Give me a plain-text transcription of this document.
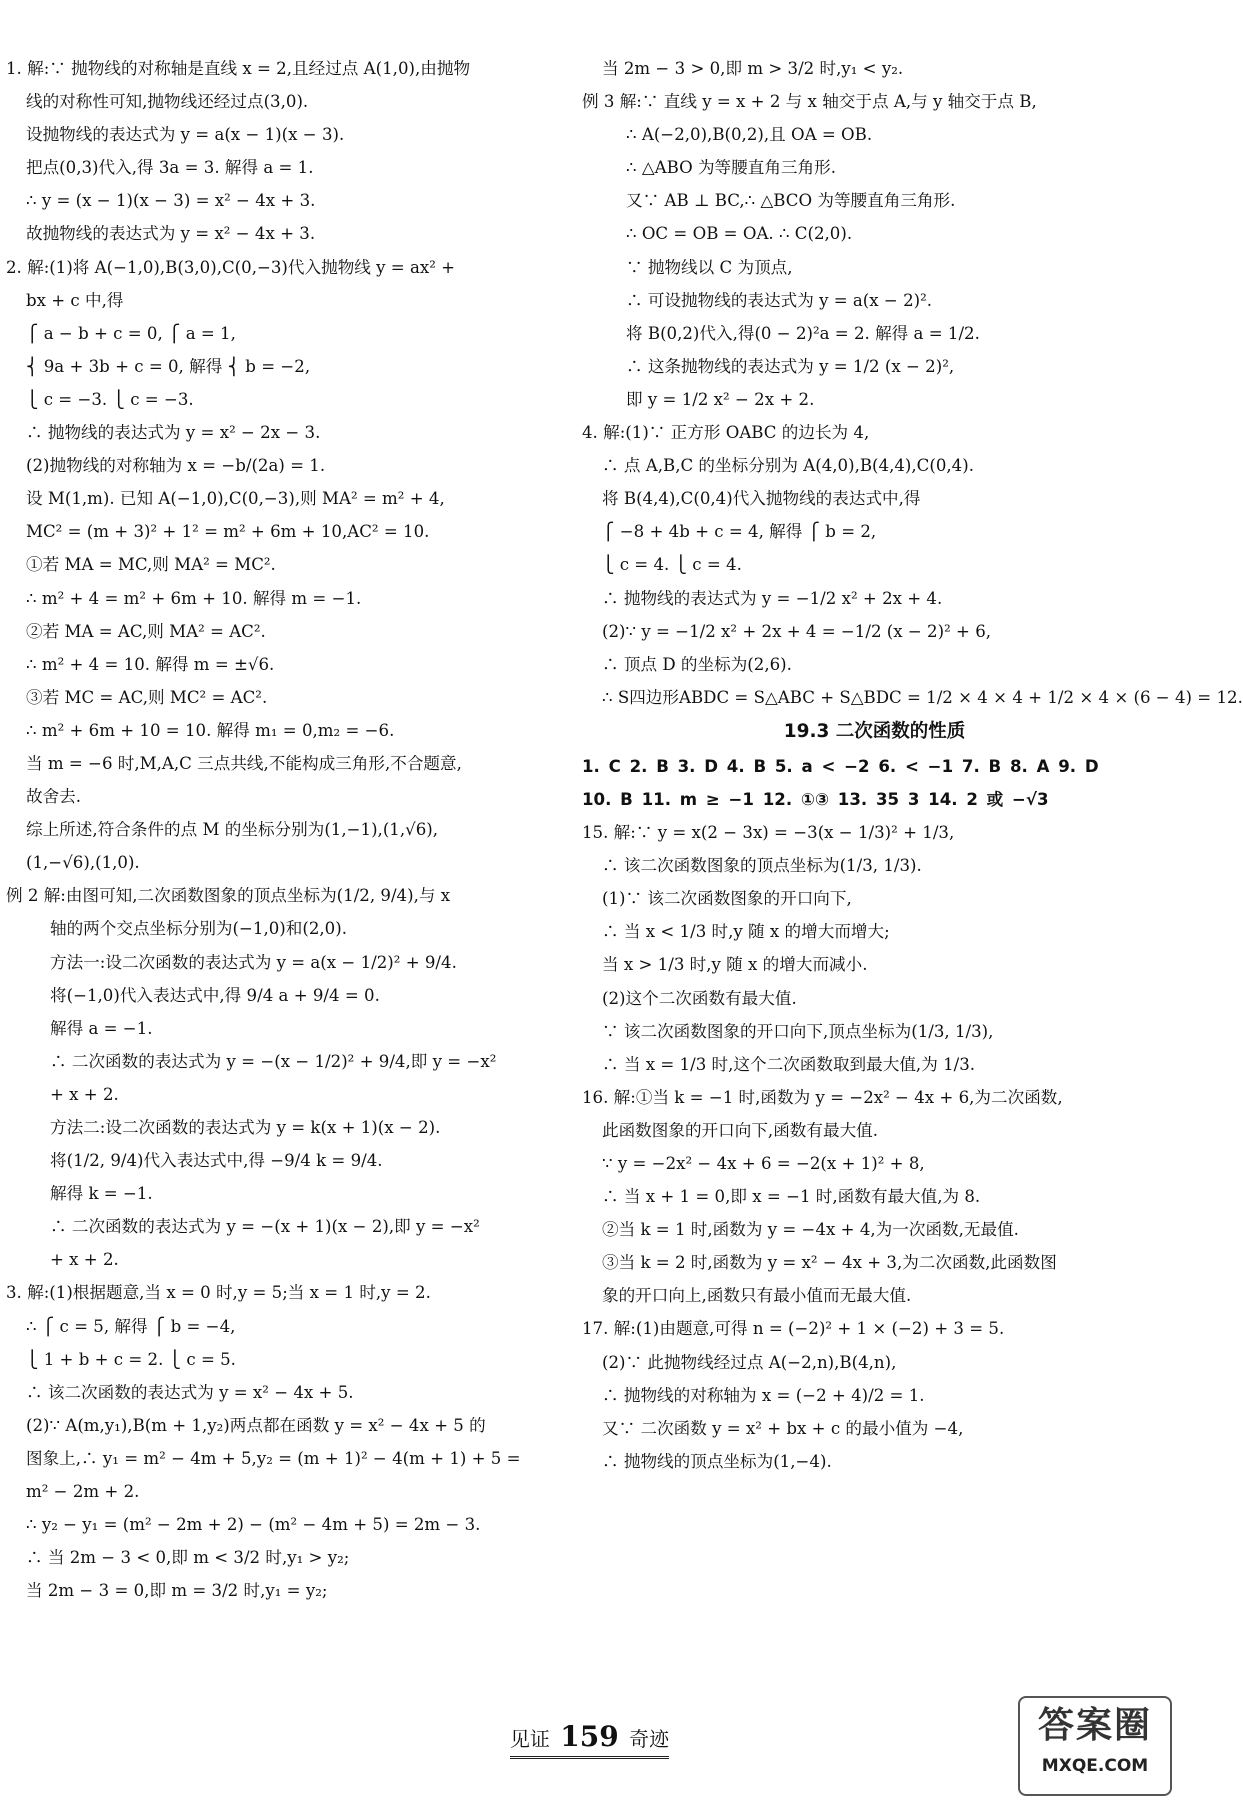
1. 解:∵ 抛物线的对称轴是直线 x = 2,且经过点 A(1,0),由抛物
线的对称性可知,抛物线还经过点(3,0).
设抛物线的表达式为 y = a(x − 1)(x − 3).
把点(0,3)代入,得 3a = 3. 解得 a = 1.
∴ y = (x − 1)(x − 3) = x² − 4x + 3.
故抛物线的表达式为 y = x² − 4x + 3.
2. 解:(1)将 A(−1,0),B(3,0),C(0,−3)代入抛物线 y = ax² +
bx + c 中,得
⎧ a − b + c = 0, ⎧ a = 1,
⎨ 9a + 3b + c = 0, 解得 ⎨ b = −2,
⎩ c = −3. ⎩ c = −3.
∴ 抛物线的表达式为 y = x² − 2x − 3.
(2)抛物线的对称轴为 x = −b/(2a) = 1.
设 M(1,m). 已知 A(−1,0),C(0,−3),则 MA² = m² + 4,
MC² = (m + 3)² + 1² = m² + 6m + 10,AC² = 10.
①若 MA = MC,则 MA² = MC².
∴ m² + 4 = m² + 6m + 10. 解得 m = −1.
②若 MA = AC,则 MA² = AC².
∴ m² + 4 = 10. 解得 m = ±√6.
③若 MC = AC,则 MC² = AC².
∴ m² + 6m + 10 = 10. 解得 m₁ = 0,m₂ = −6.
当 m = −6 时,M,A,C 三点共线,不能构成三角形,不合题意,
故舍去.
综上所述,符合条件的点 M 的坐标分别为(1,−1),(1,√6),
(1,−√6),(1,0).
例 2 解:由图可知,二次函数图象的顶点坐标为(1/2, 9/4),与 x
轴的两个交点坐标分别为(−1,0)和(2,0).
方法一:设二次函数的表达式为 y = a(x − 1/2)² + 9/4.
将(−1,0)代入表达式中,得 9/4 a + 9/4 = 0.
解得 a = −1.
∴ 二次函数的表达式为 y = −(x − 1/2)² + 9/4,即 y = −x²
+ x + 2.
方法二:设二次函数的表达式为 y = k(x + 1)(x − 2).
将(1/2, 9/4)代入表达式中,得 −9/4 k = 9/4.
解得 k = −1.
∴ 二次函数的表达式为 y = −(x + 1)(x − 2),即 y = −x²
+ x + 2.
3. 解:(1)根据题意,当 x = 0 时,y = 5;当 x = 1 时,y = 2.
∴ ⎧ c = 5, 解得 ⎧ b = −4,
⎩ 1 + b + c = 2. ⎩ c = 5.
∴ 该二次函数的表达式为 y = x² − 4x + 5.
(2)∵ A(m,y₁),B(m + 1,y₂)两点都在函数 y = x² − 4x + 5 的
图象上,∴ y₁ = m² − 4m + 5,y₂ = (m + 1)² − 4(m + 1) + 5 =
m² − 2m + 2.
∴ y₂ − y₁ = (m² − 2m + 2) − (m² − 4m + 5) = 2m − 3.
∴ 当 2m − 3 < 0,即 m < 3/2 时,y₁ > y₂;
当 2m − 3 = 0,即 m = 3/2 时,y₁ = y₂;
当 2m − 3 > 0,即 m > 3/2 时,y₁ < y₂.
例 3 解:∵ 直线 y = x + 2 与 x 轴交于点 A,与 y 轴交于点 B,
∴ A(−2,0),B(0,2),且 OA = OB.
∴ △ABO 为等腰直角三角形.
又∵ AB ⊥ BC,∴ △BCO 为等腰直角三角形.
∴ OC = OB = OA. ∴ C(2,0).
∵ 抛物线以 C 为顶点,
∴ 可设抛物线的表达式为 y = a(x − 2)².
将 B(0,2)代入,得(0 − 2)²a = 2. 解得 a = 1/2.
∴ 这条抛物线的表达式为 y = 1/2 (x − 2)²,
即 y = 1/2 x² − 2x + 2.
4. 解:(1)∵ 正方形 OABC 的边长为 4,
∴ 点 A,B,C 的坐标分别为 A(4,0),B(4,4),C(0,4).
将 B(4,4),C(0,4)代入抛物线的表达式中,得
⎧ −8 + 4b + c = 4, 解得 ⎧ b = 2,
⎩ c = 4. ⎩ c = 4.
∴ 抛物线的表达式为 y = −1/2 x² + 2x + 4.
(2)∵ y = −1/2 x² + 2x + 4 = −1/2 (x − 2)² + 6,
∴ 顶点 D 的坐标为(2,6).
∴ S四边形ABDC = S△ABC + S△BDC = 1/2 × 4 × 4 + 1/2 × 4 × (6 − 4) = 12.
19.3 二次函数的性质
1. C 2. B 3. D 4. B 5. a < −2 6. < −1 7. B 8. A 9. D
10. B 11. m ≥ −1 12. ①③ 13. 35 3 14. 2 或 −√3
15. 解:∵ y = x(2 − 3x) = −3(x − 1/3)² + 1/3,
∴ 该二次函数图象的顶点坐标为(1/3, 1/3).
(1)∵ 该二次函数图象的开口向下,
∴ 当 x < 1/3 时,y 随 x 的增大而增大;
当 x > 1/3 时,y 随 x 的增大而减小.
(2)这个二次函数有最大值.
∵ 该二次函数图象的开口向下,顶点坐标为(1/3, 1/3),
∴ 当 x = 1/3 时,这个二次函数取到最大值,为 1/3.
16. 解:①当 k = −1 时,函数为 y = −2x² − 4x + 6,为二次函数,
此函数图象的开口向下,函数有最大值.
∵ y = −2x² − 4x + 6 = −2(x + 1)² + 8,
∴ 当 x + 1 = 0,即 x = −1 时,函数有最大值,为 8.
②当 k = 1 时,函数为 y = −4x + 4,为一次函数,无最值.
③当 k = 2 时,函数为 y = x² − 4x + 3,为二次函数,此函数图
象的开口向上,函数只有最小值而无最大值.
17. 解:(1)由题意,可得 n = (−2)² + 1 × (−2) + 3 = 5.
(2)∵ 此抛物线经过点 A(−2,n),B(4,n),
∴ 抛物线的对称轴为 x = (−2 + 4)/2 = 1.
又∵ 二次函数 y = x² + bx + c 的最小值为 −4,
∴ 抛物线的顶点坐标为(1,−4).
见证 159 奇迹	答案圈
MXQE.COM
